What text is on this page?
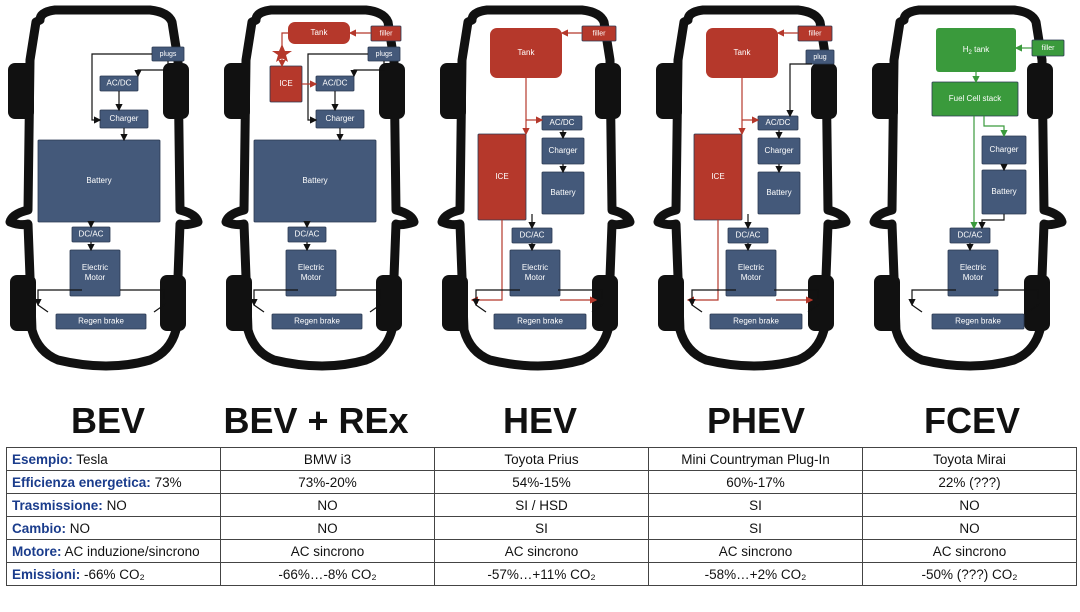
plugs
AC/DC
Charger
Battery
DC/AC
Electric
Motor
Regen brake
plugs
AC/DC
Charger
Battery
DC/AC
Electric
Motor
Regen brake
Tank	filler
ICE
Tank
filler
ICE
AC/DC
Charger
Battery
DC/AC
Electric
Motor
Regen brake
Tank
filler
ICE
AC/DC
Charger
Battery
DC/AC
Electric
Motor
Regen brake
plug
$H_2$ tank	filler
Fuel Cell stack
Charger
Battery
DC/AC
Electric
Motor
Regen brake
BEV	BEV + REx	HEV	PHEV	FCEV
Esempio: Tesla	BMW i3	Toyota Prius	Mini Countryman Plug-In	Toyota Mirai
Efficienza energetica: 73%	73%-20%	54%-15%	60%-17%	22% (???)
Trasmissione: NO	NO	SI / HSD	SI	NO
Cambio: NO	NO	SI	SI	NO
Motore: AC induzione/sincrono	AC sincrono	AC sincrono	AC sincrono	AC sincrono
Emissioni: -66% CO₂	-66%…-8% CO₂	-57%…+11% CO₂	-58%…+2% CO₂	-50% (???) CO₂
